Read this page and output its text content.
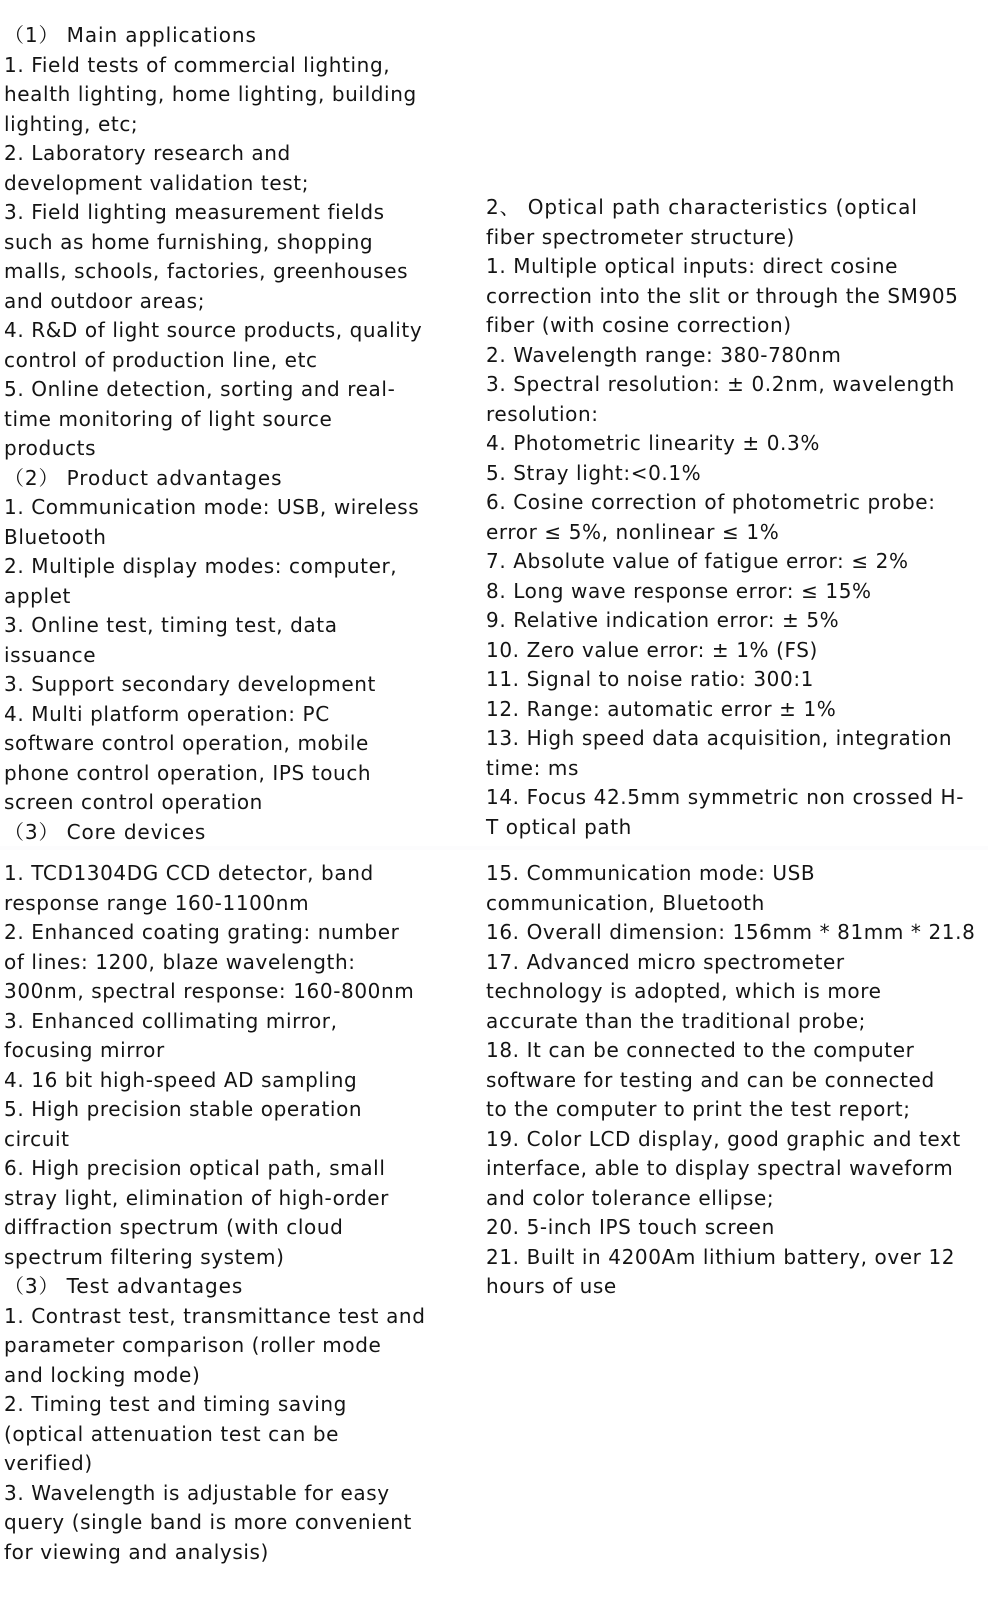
（1） Main applications
1. Field tests of commercial lighting,
health lighting, home lighting, building
lighting, etc;
2. Laboratory research and
development validation test;
3. Field lighting measurement fields
such as home furnishing, shopping
malls, schools, factories, greenhouses
and outdoor areas;
4. R&D of light source products, quality
control of production line, etc
5. Online detection, sorting and real-
time monitoring of light source
products
（2） Product advantages
1. Communication mode: USB, wireless
Bluetooth
2. Multiple display modes: computer,
applet
3. Online test, timing test, data
issuance
3. Support secondary development
4. Multi platform operation: PC
software control operation, mobile
phone control operation, IPS touch
screen control operation
（3） Core devices
2、 Optical path characteristics (optical
fiber spectrometer structure)
1. Multiple optical inputs: direct cosine
correction into the slit or through the SM905
fiber (with cosine correction)
2. Wavelength range: 380-780nm
3. Spectral resolution: ± 0.2nm, wavelength
resolution:
4. Photometric linearity ± 0.3%
5. Stray light:<0.1%
6. Cosine correction of photometric probe:
error ≤ 5%, nonlinear ≤ 1%
7. Absolute value of fatigue error: ≤ 2%
8. Long wave response error: ≤ 15%
9. Relative indication error: ± 5%
10. Zero value error: ± 1% (FS)
11. Signal to noise ratio: 300:1
12. Range: automatic error ± 1%
13. High speed data acquisition, integration
time: ms
14. Focus 42.5mm symmetric non crossed H-
T optical path
1. TCD1304DG CCD detector, band
response range 160-1100nm
2. Enhanced coating grating: number
of lines: 1200, blaze wavelength:
300nm, spectral response: 160-800nm
3. Enhanced collimating mirror,
focusing mirror
4. 16 bit high-speed AD sampling
5. High precision stable operation
circuit
6. High precision optical path, small
stray light, elimination of high-order
diffraction spectrum (with cloud
spectrum filtering system)
（3） Test advantages
1. Contrast test, transmittance test and
parameter comparison (roller mode
and locking mode)
2. Timing test and timing saving
(optical attenuation test can be
verified)
3. Wavelength is adjustable for easy
query (single band is more convenient
for viewing and analysis)
15. Communication mode: USB
communication, Bluetooth
16. Overall dimension: 156mm * 81mm * 21.8
17. Advanced micro spectrometer
technology is adopted, which is more
accurate than the traditional probe;
18. It can be connected to the computer
software for testing and can be connected
to the computer to print the test report;
19. Color LCD display, good graphic and text
interface, able to display spectral waveform
and color tolerance ellipse;
20. 5-inch IPS touch screen
21. Built in 4200Am lithium battery, over 12
hours of use
